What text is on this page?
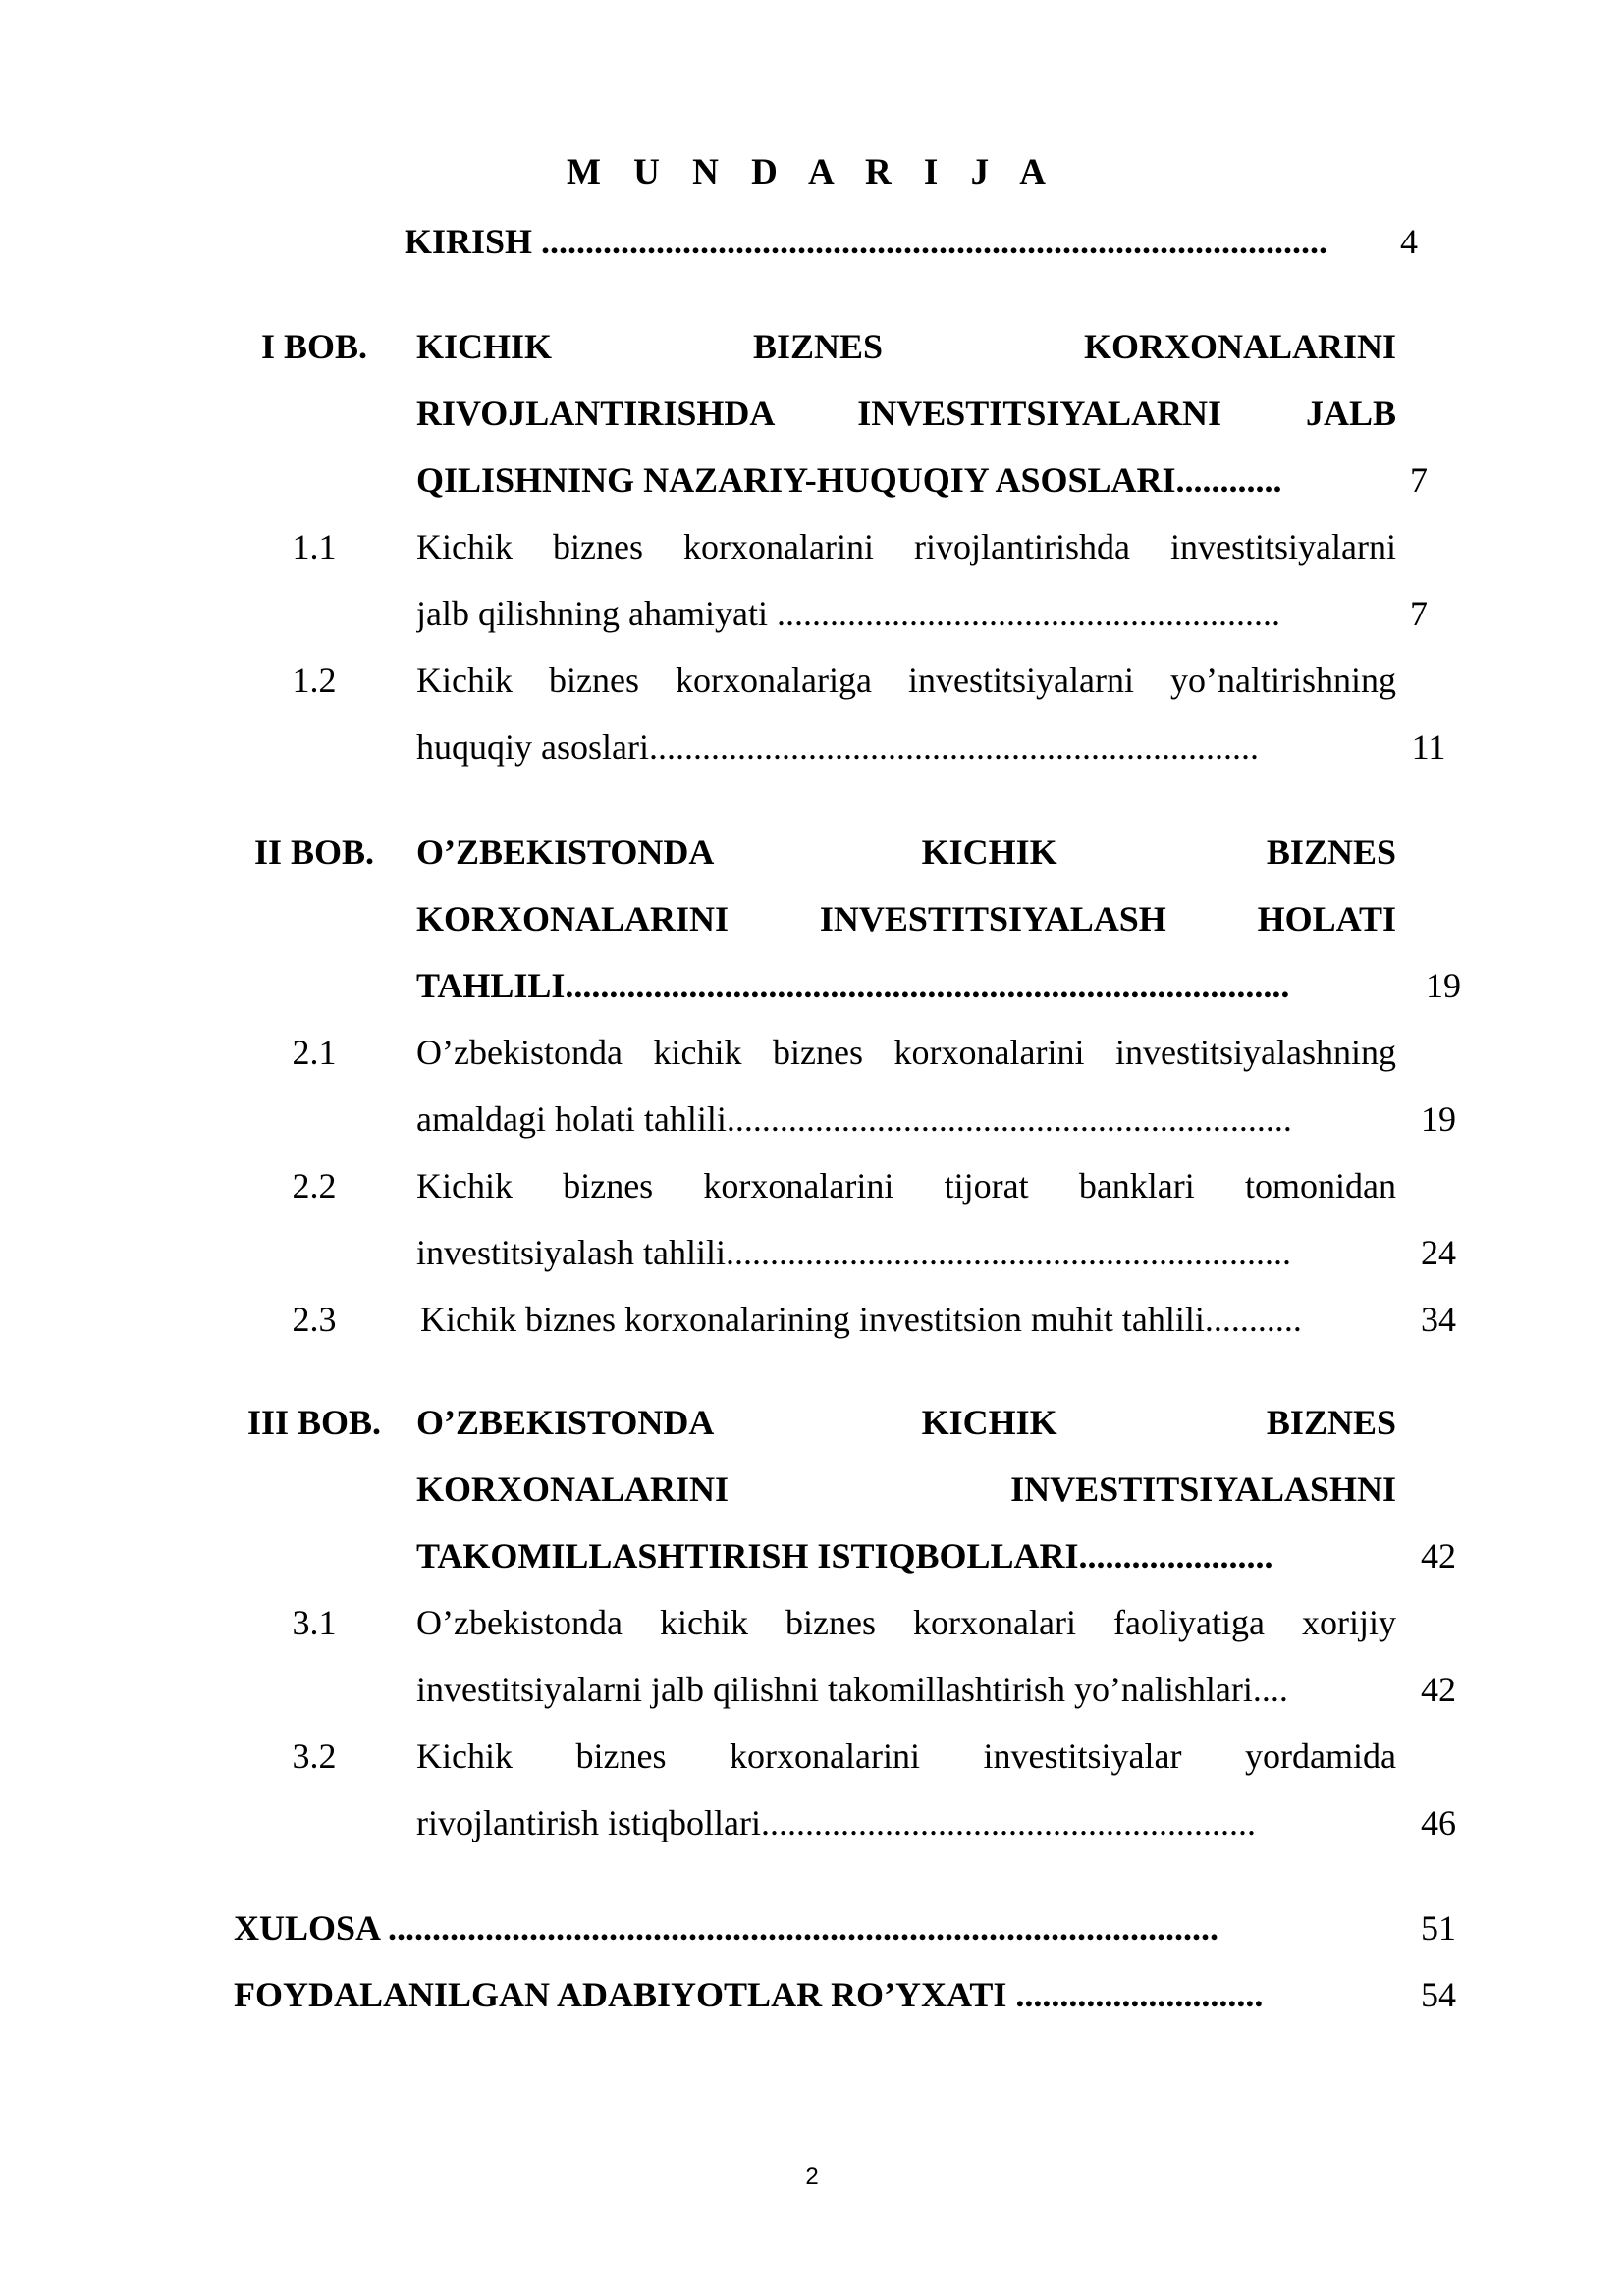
M U N D A R I J A
KIRISH .........................................................................................	4
I BOB.	KICHIK BIZNES KORXONALARINI
RIVOJLANTIRISHDA INVESTITSIYALARNI JALB
QILISHNING NAZARIY-HUQUQIY ASOSLARI............	7
1.1	Kichik biznes korxonalarini rivojlantirishda investitsiyalarni
jalb qilishning ahamiyati .........................................................	7
1.2	Kichik biznes korxonalariga investitsiyalarni yo’naltirishning
huquqiy asoslari.....................................................................	11
II BOB.	O’ZBEKISTONDA KICHIK BIZNES
KORXONALARINI INVESTITSIYALASH HOLATI
TAHLILI..................................................................................	19
2.1	O’zbekistonda kichik biznes korxonalarini investitsiyalashning
amaldagi holati tahlili................................................................	19
2.2	Kichik biznes korxonalarini tijorat banklari tomonidan
investitsiyalash tahlili................................................................	24
2.3	Kichik biznes korxonalarining investitsion muhit tahlili...........	34
III BOB. O’ZBEKISTONDA KICHIK BIZNES
KORXONALARINI INVESTITSIYALASHNI
TAKOMILLASHTIRISH ISTIQBOLLARI......................	42
3.1	O’zbekistonda kichik biznes korxonalari faoliyatiga xorijiy
investitsiyalarni jalb qilishni takomillashtirish yo’nalishlari....	42
3.2	Kichik biznes korxonalarini investitsiyalar yordamida
rivojlantirish istiqbollari........................................................	46
XULOSA ..............................................................................................	51
FOYDALANILGAN ADABIYOTLAR RO’YXATI ............................	54
2
